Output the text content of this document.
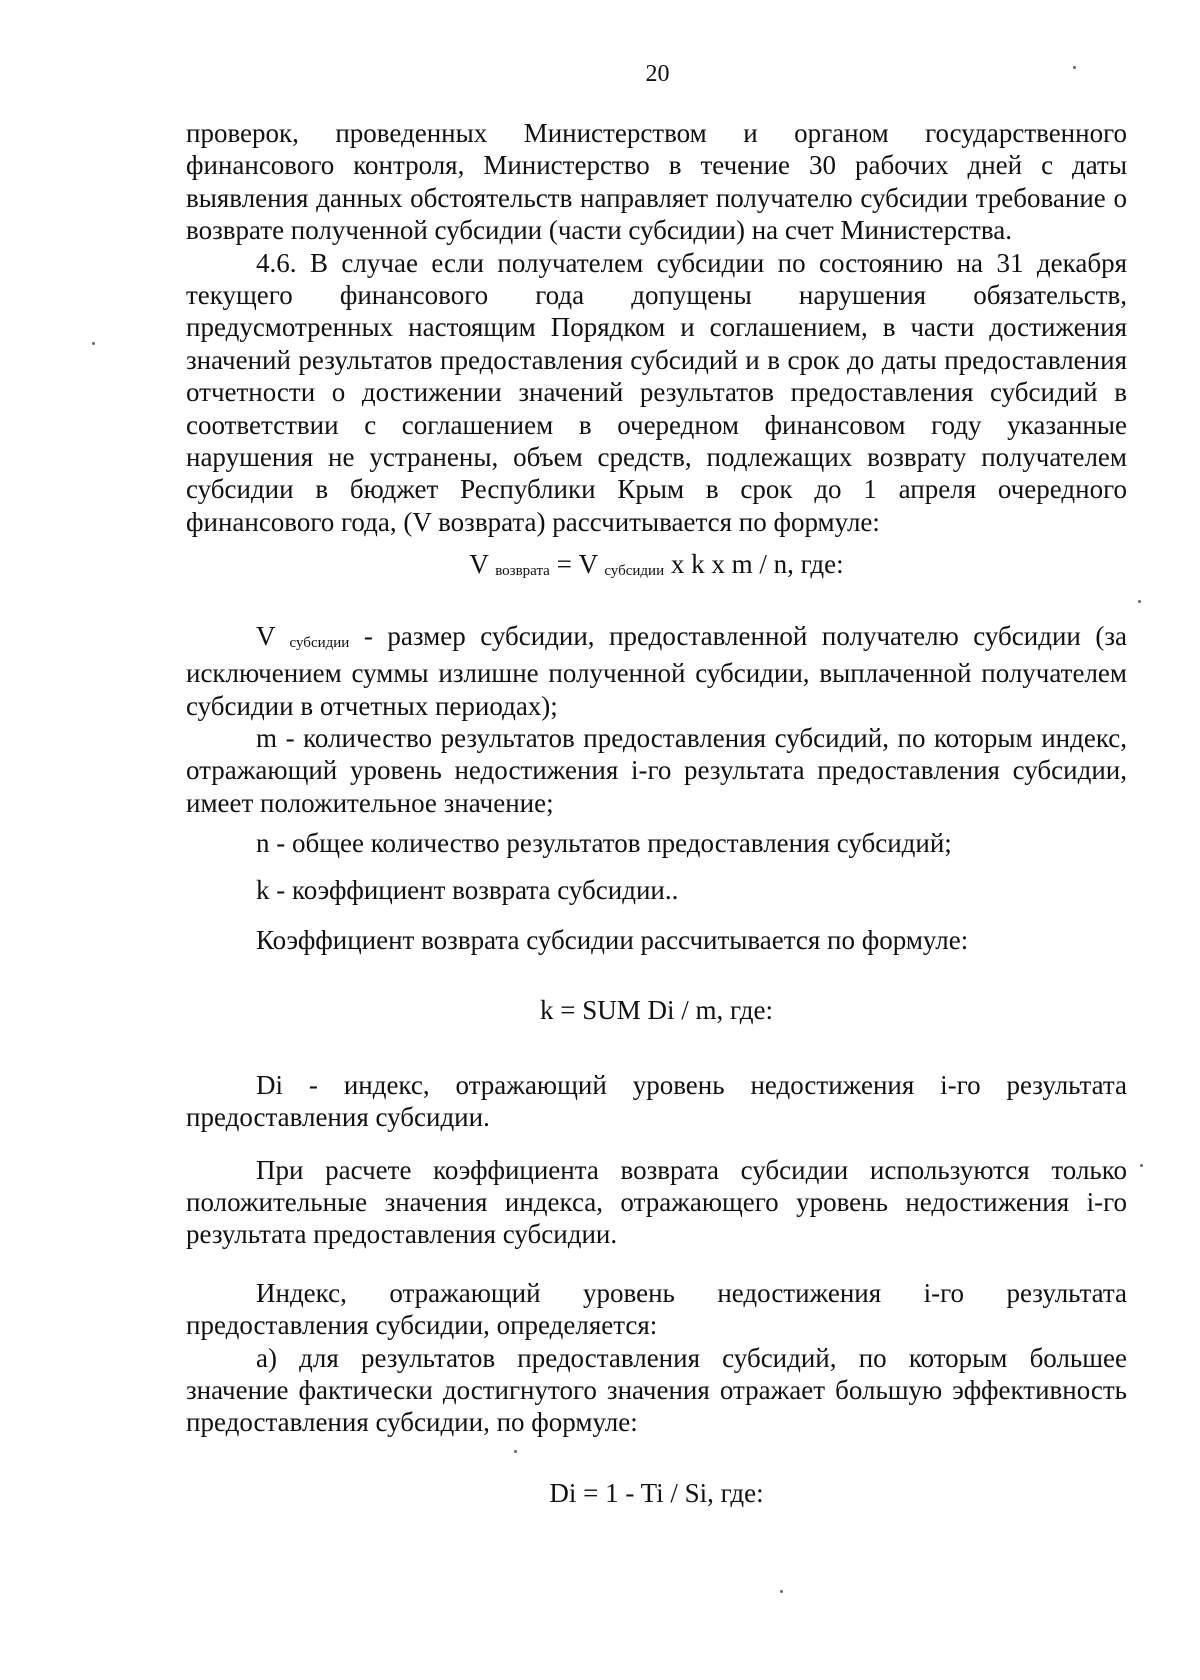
20

проверок, проведенных Министерством и органом государственного финансового контроля, Министерство в течение 30 рабочих дней с даты выявления данных обстоятельств направляет получателю субсидии требование о возврате полученной субсидии (части субсидии) на счет Министерства.

4.6. В случае если получателем субсидии по состоянию на 31 декабря текущего финансового года допущены нарушения обязательств, предусмотренных настоящим Порядком и соглашением, в части достижения значений результатов предоставления субсидий и в срок до даты предоставления отчетности о достижении значений результатов предоставления субсидий в соответствии с соглашением в очередном финансовом году указанные нарушения не устранены, объем средств, подлежащих возврату получателем субсидии в бюджет Республики Крым в срок до 1 апреля очередного финансового года, (V возврата) рассчитывается по формуле:

V возврата = V субсидии x k x m / n, где:

V субсидии - размер субсидии, предоставленной получателю субсидии (за исключением суммы излишне полученной субсидии, выплаченной получателем субсидии в отчетных периодах);

m - количество результатов предоставления субсидий, по которым индекс, отражающий уровень недостижения i-го результата предоставления субсидии, имеет положительное значение;

n - общее количество результатов предоставления субсидий;

k - коэффициент возврата субсидии..

Коэффициент возврата субсидии рассчитывается по формуле:

k = SUM Di / m, где:

Di - индекс, отражающий уровень недостижения i-го результата предоставления субсидии.

При расчете коэффициента возврата субсидии используются только положительные значения индекса, отражающего уровень недостижения i-го результата предоставления субсидии.

Индекс, отражающий уровень недостижения i-го результата предоставления субсидии, определяется:

а) для результатов предоставления субсидий, по которым большее значение фактически достигнутого значения отражает большую эффективность предоставления субсидии, по формуле:

Di = 1 - Ti / Si, где:
